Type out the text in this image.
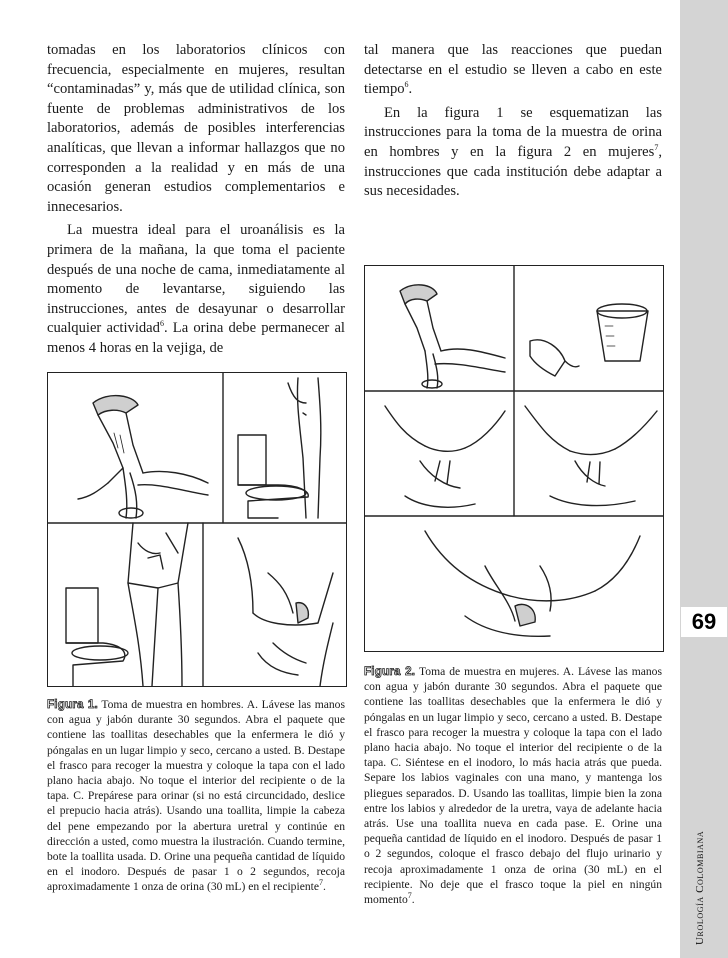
69
Urología Colombiana

tomadas en los laboratorios clínicos con frecuencia, especialmente en mujeres, resultan “contaminadas” y, más que de utilidad clínica, son fuente de problemas administrativos de los laboratorios, además de posibles interferencias analíticas, que llevan a informar hallazgos que no corresponden a la realidad y en más de una ocasión generan estudios complementarios e innecesarios.

La muestra ideal para el uroanálisis es la primera de la mañana, la que toma el paciente después de una noche de cama, inmediatamente al momento de levantarse, siguiendo las instrucciones, antes de desayunar o desarrollar cualquier actividad$^6$. La orina debe permanecer al menos 4 horas en la vejiga, de

tal manera que las reacciones que puedan detectarse en el estudio se lleven a cabo en este tiempo$^6$.

En la figura 1 se esquematizan las instrucciones para la toma de la muestra de orina en hombres y en la figura 2 en mujeres$^7$, instrucciones que cada institución debe adaptar a sus necesidades.

Figura 1. Toma de muestra en hombres. A. Lávese las manos con agua y jabón durante 30 segundos. Abra el paquete que contiene las toallitas desechables que la enfermera le dió y póngalas en un lugar limpio y seco, cercano a usted. B. Destape el frasco para recoger la muestra y coloque la tapa con el lado plano hacia abajo. No toque el interior del recipiente o de la tapa. C. Prepárese para orinar (si no está circuncidado, deslice el prepucio hacia atrás). Usando una toallita, limpie la cabeza del pene empezando por la abertura uretral y continúe en dirección a usted, como muestra la ilustración. Cuando termine, bote la toallita usada. D. Orine una pequeña cantidad de líquido en el inodoro. Después de pasar 1 o 2 segundos, recoja aproximadamente 1 onza de orina (30 mL) en el recipiente$^7$.
Figura 2. Toma de muestra en mujeres. A. Lávese las manos con agua y jabón durante 30 segundos. Abra el paquete que contiene las toallitas desechables que la enfermera le dió y póngalas en un lugar limpio y seco, cercano a usted. B. Destape el frasco para recoger la muestra y coloque la tapa con el lado plano hacia abajo. No toque el interior del recipiente o de la tapa. C. Siéntese en el inodoro, lo más hacia atrás que pueda. Separe los labios vaginales con una mano, y mantenga los pliegues separados. D. Usando las toallitas, limpie bien la zona entre los labios y alrededor de la uretra, vaya de adelante hacia atrás. Use una toallita nueva en cada pase. E. Orine una pequeña cantidad de líquido en el inodoro. Después de pasar 1 o 2 segundos, coloque el frasco debajo del flujo urinario y recoja aproximadamente 1 onza de orina (30 mL) en el recipiente. No deje que el frasco toque la piel en ningún momento$^7$.
